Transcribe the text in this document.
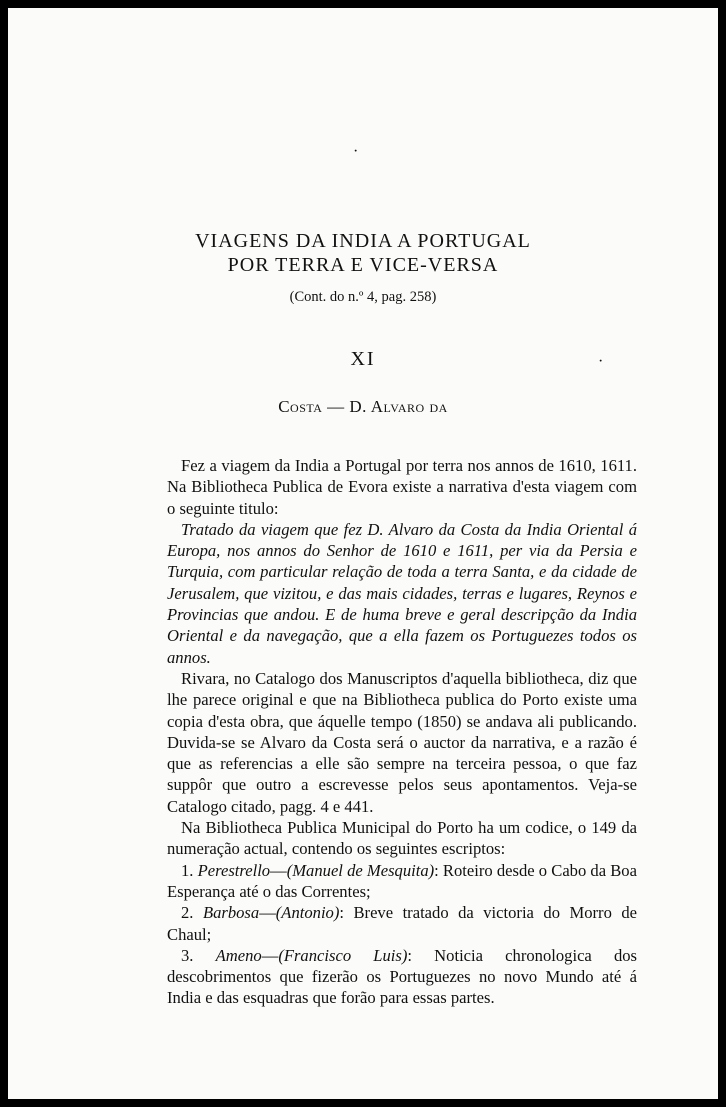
·
·
VIAGENS DA INDIA A PORTUGAL
POR TERRA E VICE-VERSA
(Cont. do n.º 4, pag. 258)
XI
Costa — D. Alvaro da

Fez a viagem da India a Portugal por terra nos annos de 1610, 1611. Na Bibliotheca Publica de Evora existe a narrativa d'esta viagem com o seguinte titulo:

Tratado da viagem que fez D. Alvaro da Costa da India Oriental á Europa, nos annos do Senhor de 1610 e 1611, per via da Persia e Turquia, com particular relação de toda a terra Santa, e da cidade de Jerusalem, que vizitou, e das mais cidades, terras e lugares, Reynos e Provincias que andou. E de huma breve e geral descripção da India Oriental e da navegação, que a ella fazem os Portuguezes todos os annos.

Rivara, no Catalogo dos Manuscriptos d'aquella bibliotheca, diz que lhe parece original e que na Bibliotheca publica do Porto existe uma copia d'esta obra, que áquelle tempo (1850) se andava ali publicando. Duvida-se se Alvaro da Costa será o auctor da narrativa, e a razão é que as referencias a elle são sempre na terceira pessoa, o que faz suppôr que outro a escrevesse pelos seus apontamentos. Veja-se Catalogo citado, pagg. 4 e 441.

Na Bibliotheca Publica Municipal do Porto ha um codice, o 149 da numeração actual, contendo os seguintes escriptos:

1. Perestrello—(Manuel de Mesquita): Roteiro desde o Cabo da Boa Esperança até o das Correntes;

2. Barbosa—(Antonio): Breve tratado da victoria do Morro de Chaul;

3. Ameno—(Francisco Luis): Noticia chronologica dos descobrimentos que fizerão os Portuguezes no novo Mundo até á India e das esquadras que forão para essas partes.
